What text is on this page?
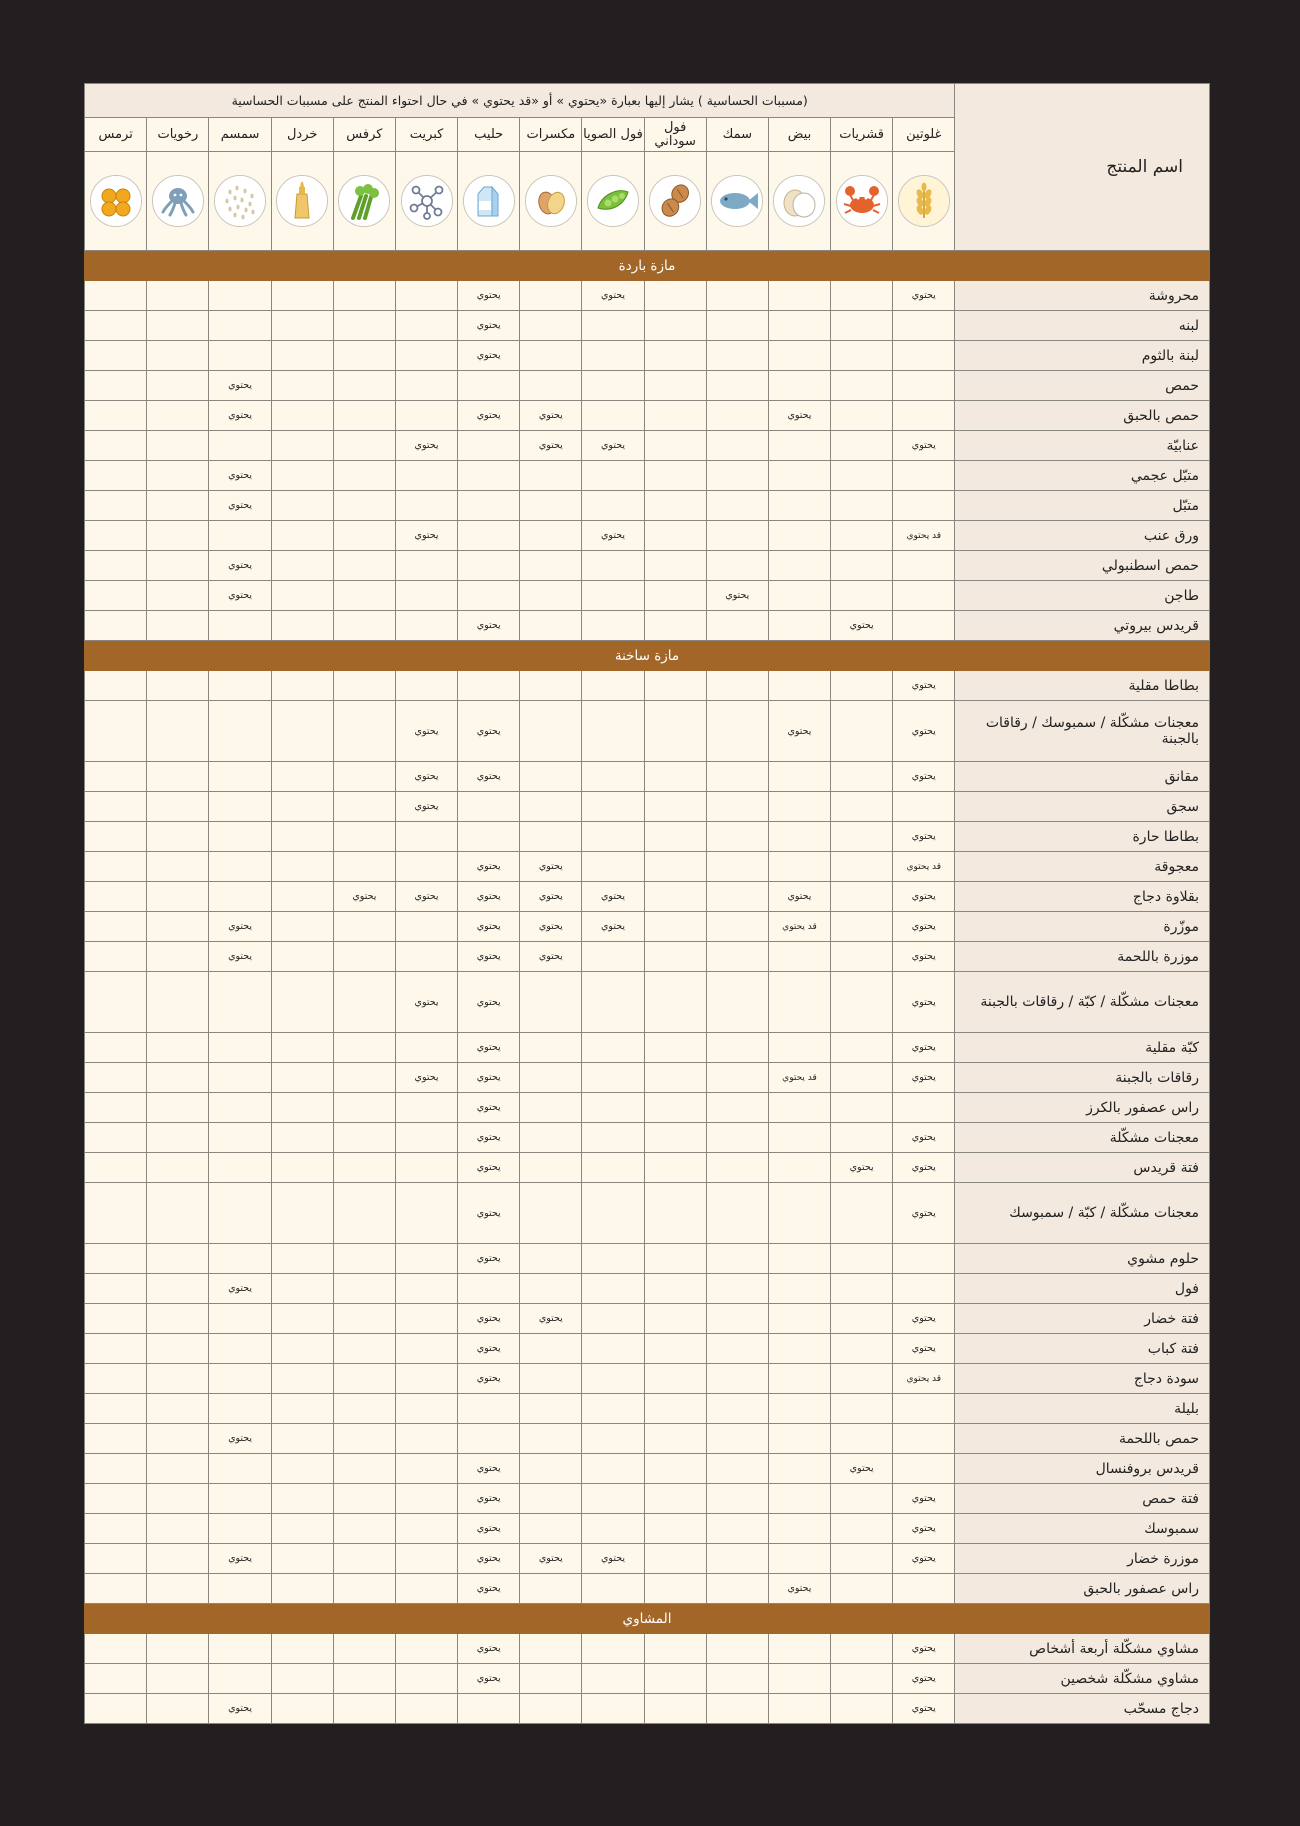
اسم المنتج	(مسببات الحساسية ) يشار إليها بعبارة «يحتوي » أو «قد يحتوي » في حال احتواء المنتج على مسببات الحساسية													
	غلوتين	قشريات	بيض	سمك	فول سوداني	فول الصويا	مكسرات	حليب	كبريت	كرفس	خردل	سمسم	رخويات	ترمس

مازة باردة														
محروشة	يحتوي					يحتوي		يحتوي						
لبنه								يحتوي						
لبنة بالثوم								يحتوي						
حمص												يحتوي		
حمص بالحبق			يحتوي				يحتوي	يحتوي				يحتوي		
عنابيّة	يحتوي					يحتوي	يحتوي		يحتوي					
متبّل عجمي												يحتوي		
متبّل												يحتوي		
ورق عنب	قد يحتوي					يحتوي			يحتوي					
حمص اسطنبولي												يحتوي		
طاجن				يحتوي								يحتوي		
قريدس بيروتي		يحتوي						يحتوي						
مازة ساخنة														
بطاطا مقلية	يحتوي													
معجنات مشكّلة / سمبوسك / رقاقات بالجبنة	يحتوي		يحتوي					يحتوي	يحتوي					
مقانق	يحتوي							يحتوي	يحتوي					
سجق									يحتوي					
بطاطا حارة	يحتوي													
معجوقة	قد يحتوي						يحتوي	يحتوي						
بقلاوة دجاج	يحتوي		يحتوي			يحتوي	يحتوي	يحتوي	يحتوي	يحتوي				
موزّرة	يحتوي		قد يحتوي			يحتوي	يحتوي	يحتوي				يحتوي		
موزرة باللحمة	يحتوي						يحتوي	يحتوي				يحتوي		
معجنات مشكّلة / كبّة / رقاقات بالجبنة	يحتوي							يحتوي	يحتوي					
كبّة مقلية	يحتوي							يحتوي						
رقاقات بالجبنة	يحتوي		قد يحتوي					يحتوي	يحتوي					
راس عصفور بالكرز								يحتوي						
معجنات مشكّلة	يحتوي							يحتوي						
فتة قريدس	يحتوي	يحتوي						يحتوي						
معجنات مشكّلة / كبّة / سمبوسك	يحتوي							يحتوي						
حلوم مشوي								يحتوي						
فول												يحتوي		
فتة خضار	يحتوي						يحتوي	يحتوي						
فتة كباب	يحتوي							يحتوي						
سودة دجاج	قد يحتوي							يحتوي						
بليلة														
حمص باللحمة												يحتوي		
قريدس بروفنسال		يحتوي						يحتوي						
فتة حمص	يحتوي							يحتوي						
سمبوسك	يحتوي							يحتوي						
موزرة خضار	يحتوي					يحتوي	يحتوي	يحتوي				يحتوي		
راس عصفور بالحبق			يحتوي					يحتوي						
المشاوي														
مشاوي مشكّلة أربعة أشخاص	يحتوي							يحتوي						
مشاوي مشكّلة شخصين	يحتوي							يحتوي						
دجاج مسحّب	يحتوي											يحتوي		
